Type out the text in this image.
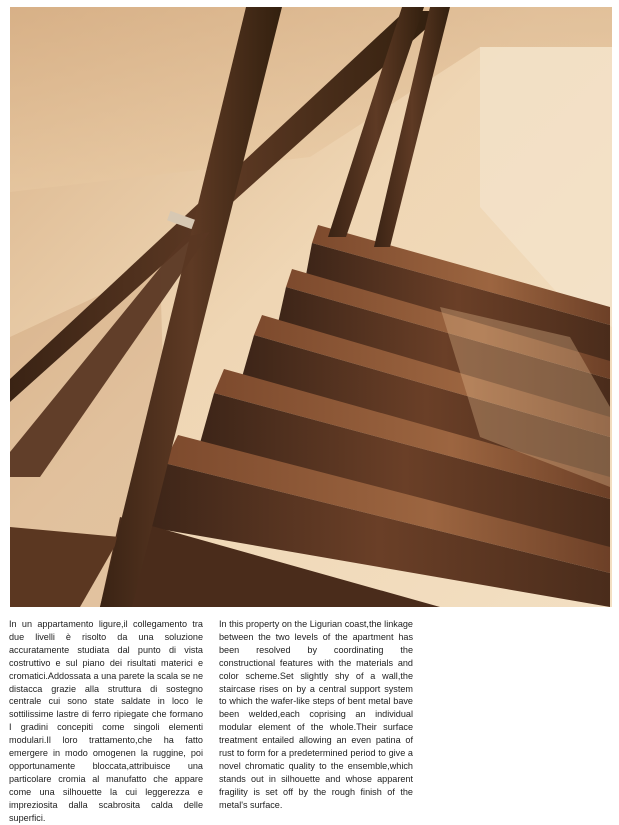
In un appartamento ligure,il collegamento tra due livelli è risolto da una soluzione accuratamente studiata dal punto di vista costruttivo e sul piano dei risultati materici e cromatici.Addossata a una parete la scala se ne distacca grazie alla struttura di sostegno centrale cui sono state saldate in loco le sottilissime lastre di ferro ripiegate che formano I gradini concepiti come singoli elementi modulari.Il loro trattamento,che ha fatto emergere in modo omogenen la ruggine, poi opportunamente bloccata,attribuisce una particolare cromia al manufatto che appare come una silhouette la cui leggerezza e impreziosita dalla scabrosita calda delle superfici.
In this property on the Ligurian coast,the linkage between the two levels of the apartment has been resolved by coordinating the constructional features with the materials and color scheme.Set slightly shy of a wall,the staircase rises on by a central support system to which the wafer-like steps of bent metal bave been welded,each coprising an individual modular element of the whole.Their surface treatment entailed allowing an even patina of rust to form for a predetermined period to give a novel chromatic quality to the ensemble,which stands out in silhouette and whose apparent fragility is set off by the rough finish of the metal's surface.
